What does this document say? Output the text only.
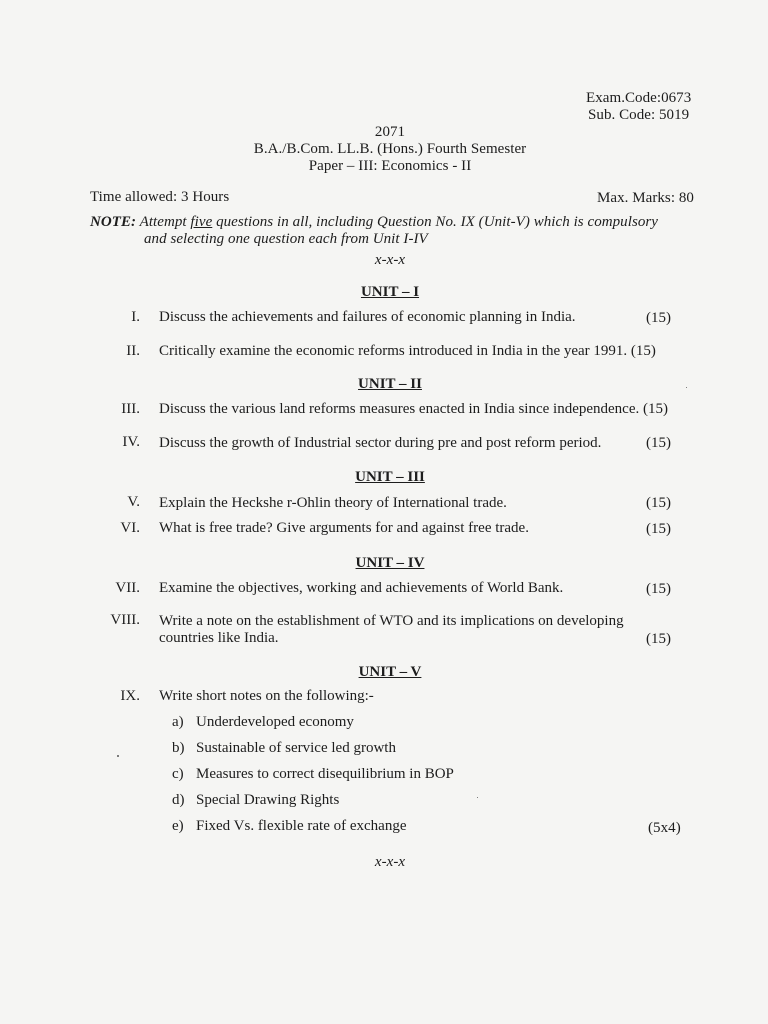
Exam.Code:0673
Sub. Code: 5019
2071
B.A./B.Com. LL.B. (Hons.) Fourth Semester
Paper – III: Economics - II
Time allowed: 3 Hours	Max. Marks: 80
NOTE: Attempt five questions in all, including Question No. IX (Unit-V) which is compulsory
and selecting one question each from Unit I-IV
x-x-x
UNIT – I
I. Discuss the achievements and failures of economic planning in India.	(15)
II. Critically examine the economic reforms introduced in India in the year 1991. (15)
UNIT – II
III. Discuss the various land reforms measures enacted in India since independence. (15)
IV. Discuss the growth of Industrial sector during pre and post reform period.	(15)
UNIT – III
V. Explain the Heckshe r-Ohlin theory of International trade.	(15)
VI. What is free trade? Give arguments for and against free trade.	(15)
UNIT – IV
VII. Examine the objectives, working and achievements of World Bank.	(15)
VIII. Write a note on the establishment of WTO and its implications on developing
countries like India.	(15)
UNIT – V
IX. Write short notes on the following:-
a) Underdeveloped economy
b) Sustainable of service led growth
c) Measures to correct disequilibrium in BOP
d) Special Drawing Rights
e) Fixed Vs. flexible rate of exchange	(5x4)
x-x-x
